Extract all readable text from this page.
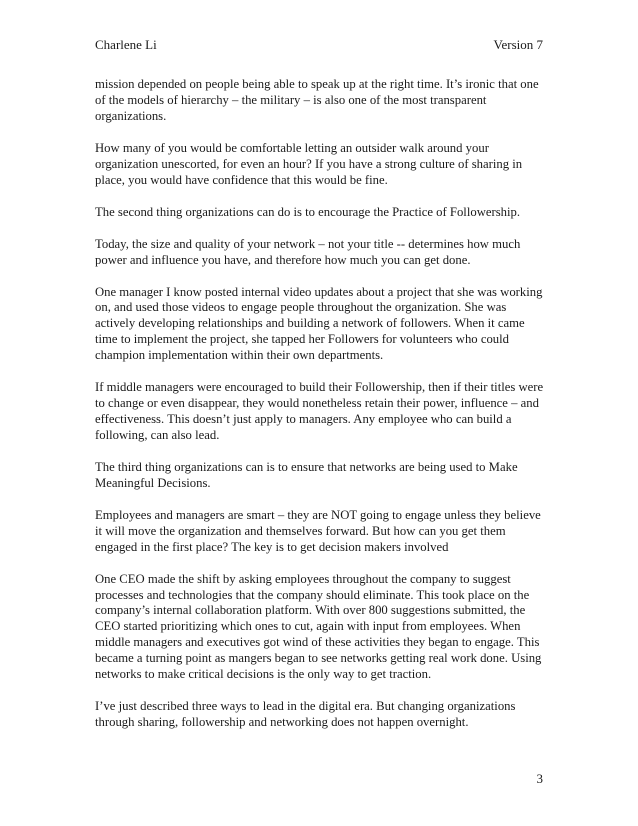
Charlene Li	Version 7

mission depended on people being able to speak up at the right time. It’s ironic that one of the models of hierarchy – the military – is also one of the most transparent organizations.

How many of you would be comfortable letting an outsider walk around your organization unescorted, for even an hour? If you have a strong culture of sharing in place, you would have confidence that this would be fine.

The second thing organizations can do is to encourage the Practice of Followership.

Today, the size and quality of your network – not your title -- determines how much power and influence you have, and therefore how much you can get done.

One manager I know posted internal video updates about a project that she was working on, and used those videos to engage people throughout the organization. She was actively developing relationships and building a network of followers. When it came time to implement the project, she tapped her Followers for volunteers who could champion implementation within their own departments.

If middle managers were encouraged to build their Followership, then if their titles were to change or even disappear, they would nonetheless retain their power, influence – and effectiveness. This doesn’t just apply to managers. Any employee who can build a following, can also lead.

The third thing organizations can is to ensure that networks are being used to Make Meaningful Decisions.

Employees and managers are smart – they are NOT going to engage unless they believe it will move the organization and themselves forward. But how can you get them engaged in the first place? The key is to get decision makers involved

One CEO made the shift by asking employees throughout the company to suggest processes and technologies that the company should eliminate. This took place on the company’s internal collaboration platform. With over 800 suggestions submitted, the CEO started prioritizing which ones to cut, again with input from employees. When middle managers and executives got wind of these activities they began to engage. This became a turning point as mangers began to see networks getting real work done. Using networks to make critical decisions is the only way to get traction.

I’ve just described three ways to lead in the digital era. But changing organizations through sharing, followership and networking does not happen overnight.

3
